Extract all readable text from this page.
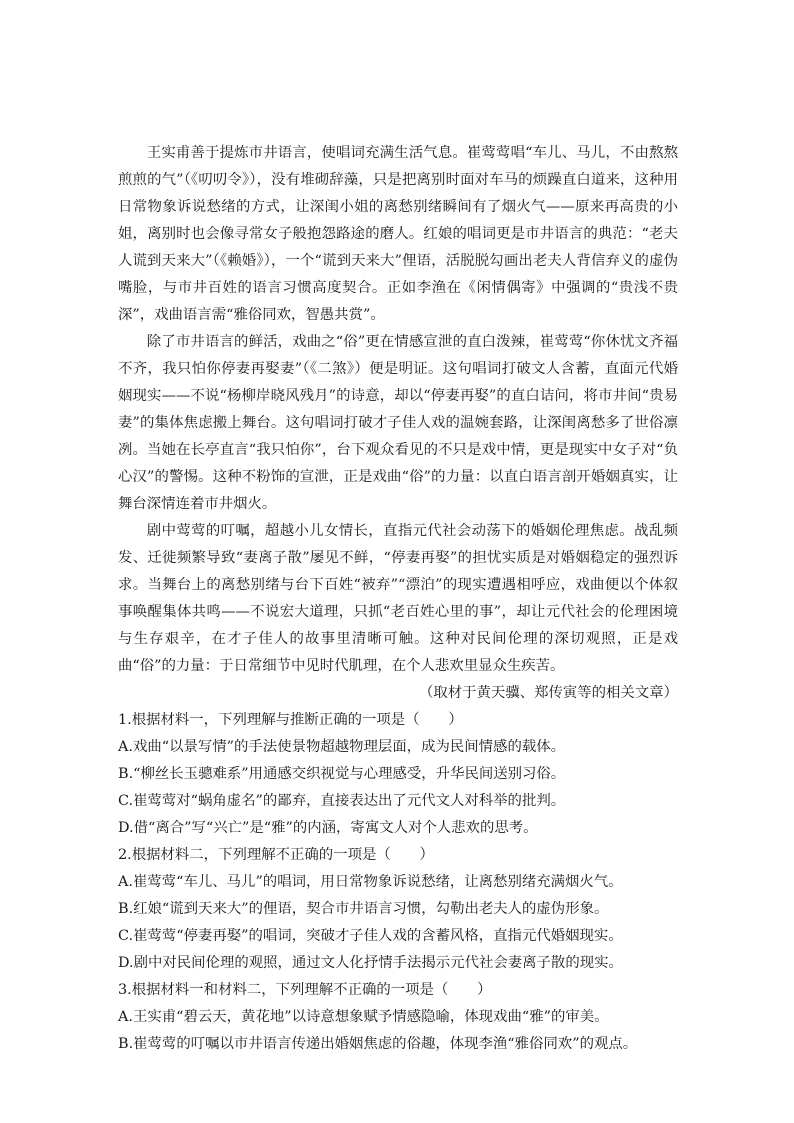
王实甫善于提炼市井语言，使唱词充满生活气息。崔莺莺唱“车儿、马儿，不由熬熬煎煎的气”（《叨叨令》），没有堆砌辞藻，只是把离别时面对车马的烦躁直白道来，这种用日常物象诉说愁绪的方式，让深闺小姐的离愁别绪瞬间有了烟火气——原来再高贵的小姐，离别时也会像寻常女子般抱怨路途的磨人。红娘的唱词更是市井语言的典范：“老夫人谎到天来大”（《赖婚》），一个“谎到天来大”俚语，活脱脱勾画出老夫人背信弃义的虚伪嘴脸，与市井百姓的语言习惯高度契合。正如李渔在《闲情偶寄》中强调的“贵浅不贵深”，戏曲语言需“雅俗同欢，智愚共赏”。

除了市井语言的鲜活，戏曲之“俗”更在情感宣泄的直白泼辣，崔莺莺“你休忧文齐福不齐，我只怕你停妻再娶妻”（《二煞》）便是明证。这句唱词打破文人含蓄，直面元代婚姻现实——不说“杨柳岸晓风残月”的诗意，却以“停妻再娶”的直白诘问，将市井间“贵易妻”的集体焦虑搬上舞台。这句唱词打破才子佳人戏的温婉套路，让深闺离愁多了世俗凛冽。当她在长亭直言“我只怕你”，台下观众看见的不只是戏中情，更是现实中女子对“负心汉”的警惕。这种不粉饰的宣泄，正是戏曲“俗”的力量：以直白语言剖开婚姻真实，让舞台深情连着市井烟火。

剧中莺莺的叮嘱，超越小儿女情长，直指元代社会动荡下的婚姻伦理焦虑。战乱频发、迁徙频繁导致“妻离子散”屡见不鲜，“停妻再娶”的担忧实质是对婚姻稳定的强烈诉求。当舞台上的离愁别绪与台下百姓“被弃”“漂泊”的现实遭遇相呼应，戏曲便以个体叙事唤醒集体共鸣——不说宏大道理，只抓“老百姓心里的事”，却让元代社会的伦理困境与生存艰辛，在才子佳人的故事里清晰可触。这种对民间伦理的深切观照，正是戏曲“俗”的力量：于日常细节中见时代肌理，在个人悲欢里显众生疾苦。

（取材于黄天骥、郑传寅等的相关文章）

1.根据材料一，下列理解与推断正确的一项是（　　）

A.戏曲“以景写情”的手法使景物超越物理层面，成为民间情感的载体。

B.“柳丝长玉骢难系”用通感交织视觉与心理感受，升华民间送别习俗。

C.崔莺莺对“蜗角虚名”的鄙弃，直接表达出了元代文人对科举的批判。

D.借“离合”写“兴亡”是“雅”的内涵，寄寓文人对个人悲欢的思考。

2.根据材料二，下列理解不正确的一项是（　　）

A.崔莺莺“车儿、马儿”的唱词，用日常物象诉说愁绪，让离愁别绪充满烟火气。

B.红娘“谎到天来大”的俚语，契合市井语言习惯，勾勒出老夫人的虚伪形象。

C.崔莺莺“停妻再娶”的唱词，突破才子佳人戏的含蓄风格，直指元代婚姻现实。

D.剧中对民间伦理的观照，通过文人化抒情手法揭示元代社会妻离子散的现实。

3.根据材料一和材料二，下列理解不正确的一项是（　　）

A.王实甫“碧云天，黄花地”以诗意想象赋予情感隐喻，体现戏曲“雅”的审美。

B.崔莺莺的叮嘱以市井语言传递出婚姻焦虑的俗趣，体现李渔“雅俗同欢”的观点。
